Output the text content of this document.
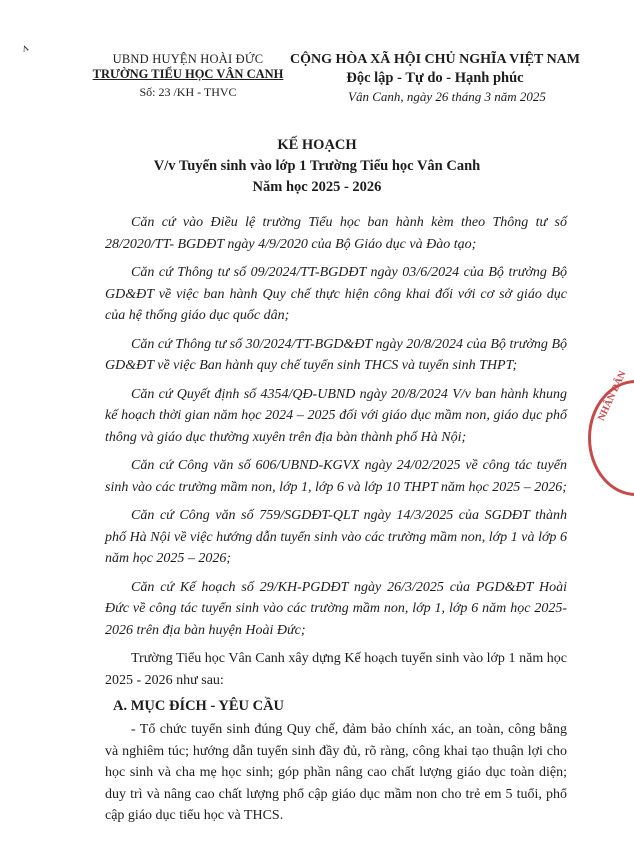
ʌ
UBND HUYỆN HOÀI ĐỨC
TRƯỜNG TIỂU HỌC VÂN CANH
Số: 23 /KH - THVC
CỘNG HÒA XÃ HỘI CHỦ NGHĨA VIỆT NAM
Độc lập - Tự do - Hạnh phúc
Vân Canh, ngày 26 tháng 3 năm 2025
KẾ HOẠCH
V/v Tuyển sinh vào lớp 1 Trường Tiểu học Vân Canh
Năm học 2025 - 2026

Căn cứ vào Điều lệ trường Tiểu học ban hành kèm theo Thông tư số 28/2020/TT- BGDĐT ngày 4/9/2020 của Bộ Giáo dục và Đào tạo;

Căn cứ Thông tư số 09/2024/TT-BGDĐT ngày 03/6/2024 của Bộ trưởng Bộ GD&ĐT về việc ban hành Quy chế thực hiện công khai đối với cơ sở giáo dục của hệ thống giáo dục quốc dân;

Căn cứ Thông tư số 30/2024/TT-BGD&ĐT ngày 20/8/2024 của Bộ trưởng Bộ GD&ĐT về việc Ban hành quy chế tuyển sinh THCS và tuyển sinh THPT;

Căn cứ Quyết định số 4354/QĐ-UBND ngày 20/8/2024 V/v ban hành khung kế hoạch thời gian năm học 2024 – 2025 đối với giáo dục mầm non, giáo dục phổ thông và giáo dục thường xuyên trên địa bàn thành phố Hà Nội;

Căn cứ Công văn số 606/UBND-KGVX ngày 24/02/2025 về công tác tuyển sinh vào các trường mầm non, lớp 1, lớp 6 và lớp 10 THPT năm học 2025 – 2026;

Căn cứ Công văn số 759/SGDĐT-QLT ngày 14/3/2025 của SGDĐT thành phố Hà Nội về việc hướng dẫn tuyển sinh vào các trường mầm non, lớp 1 và lớp 6 năm học 2025 – 2026;

Căn cứ Kế hoạch số 29/KH-PGDĐT ngày 26/3/2025 của PGD&ĐT Hoài Đức về công tác tuyển sinh vào các trường mầm non, lớp 1, lớp 6 năm học 2025-2026 trên địa bàn huyện Hoài Đức;

Trường Tiểu học Vân Canh xây dựng Kế hoạch tuyển sinh vào lớp 1 năm học 2025 - 2026 như sau:

A. MỤC ĐÍCH - YÊU CẦU

- Tổ chức tuyển sinh đúng Quy chế, đảm bảo chính xác, an toàn, công bằng và nghiêm túc; hướng dẫn tuyển sinh đầy đủ, rõ ràng, công khai tạo thuận lợi cho học sinh và cha mẹ học sinh; góp phần nâng cao chất lượng giáo dục toàn diện; duy trì và nâng cao chất lượng phổ cập giáo dục mầm non cho trẻ em 5 tuổi, phổ cập giáo dục tiểu học và THCS.

NHÂN DÂN
